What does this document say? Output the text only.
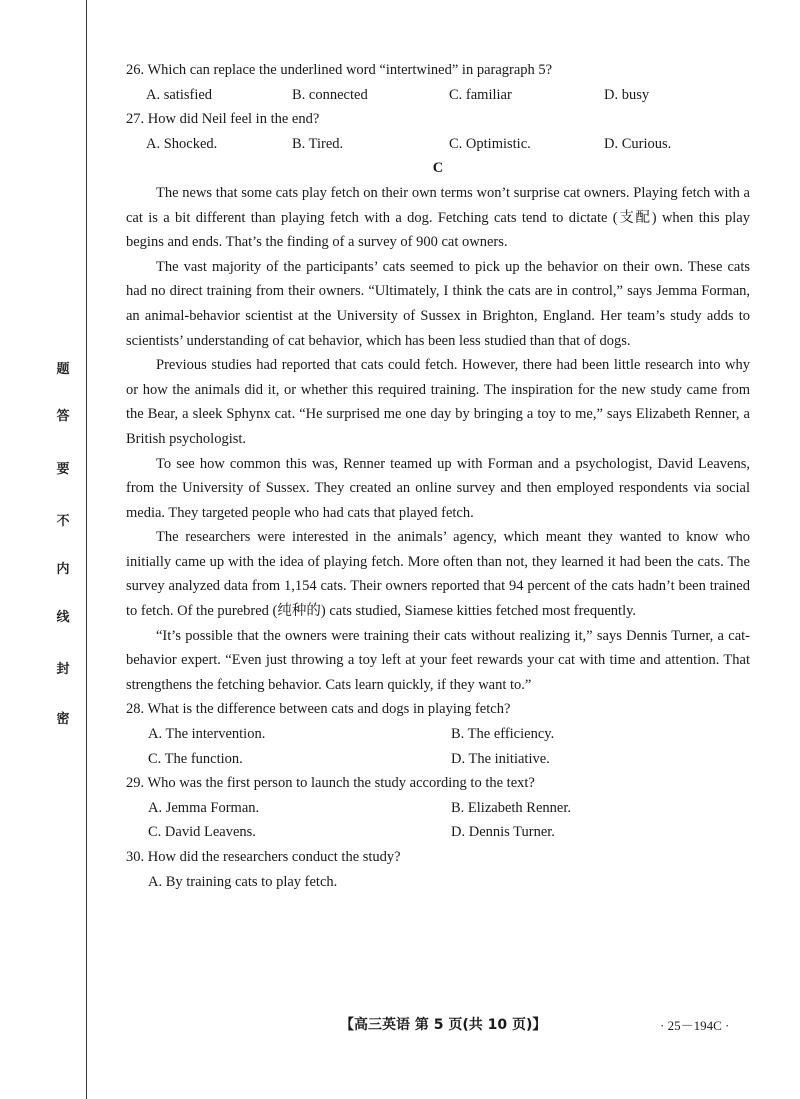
题
答
要
不
内
线
封
密

26. Which can replace the underlined word “intertwined” in paragraph 5?

A. satisfied	B. connected	C. familiar	D. busy

27. How did Neil feel in the end?

A. Shocked.	B. Tired.	C. Optimistic.	D. Curious.

C

The news that some cats play fetch on their own terms won’t surprise cat owners. Playing fetch with a cat is a bit different than playing fetch with a dog. Fetching cats tend to dictate (支配) when this play begins and ends. That’s the finding of a survey of 900 cat owners.

The vast majority of the participants’ cats seemed to pick up the behavior on their own. These cats had no direct training from their owners. “Ultimately, I think the cats are in control,” says Jemma Forman, an animal-behavior scientist at the University of Sussex in Brighton, England. Her team’s study adds to scientists’ understanding of cat behavior, which has been less studied than that of dogs.

Previous studies had reported that cats could fetch. However, there had been little research into why or how the animals did it, or whether this required training. The inspiration for the new study came from the Bear, a sleek Sphynx cat. “He surprised me one day by bringing a toy to me,” says Elizabeth Renner, a British psychologist.

To see how common this was, Renner teamed up with Forman and a psychologist, David Leavens, from the University of Sussex. They created an online survey and then employed respondents via social media. They targeted people who had cats that played fetch.

The researchers were interested in the animals’ agency, which meant they wanted to know who initially came up with the idea of playing fetch. More often than not, they learned it had been the cats. The survey analyzed data from 1,154 cats. Their owners reported that 94 percent of the cats hadn’t been trained to fetch. Of the purebred (纯种的) cats studied, Siamese kitties fetched most frequently.

“It’s possible that the owners were training their cats without realizing it,” says Dennis Turner, a cat-behavior expert. “Even just throwing a toy left at your feet rewards your cat with time and attention. That strengthens the fetching behavior. Cats learn quickly, if they want to.”

28. What is the difference between cats and dogs in playing fetch?

A. The intervention.	B. The efficiency.
C. The function.	D. The initiative.

29. Who was the first person to launch the study according to the text?

A. Jemma Forman.	B. Elizabeth Renner.
C. David Leavens.	D. Dennis Turner.

30. How did the researchers conduct the study?

A. By training cats to play fetch.
【高三英语 第 5 页(共 10 页)】	· 25－194C ·
